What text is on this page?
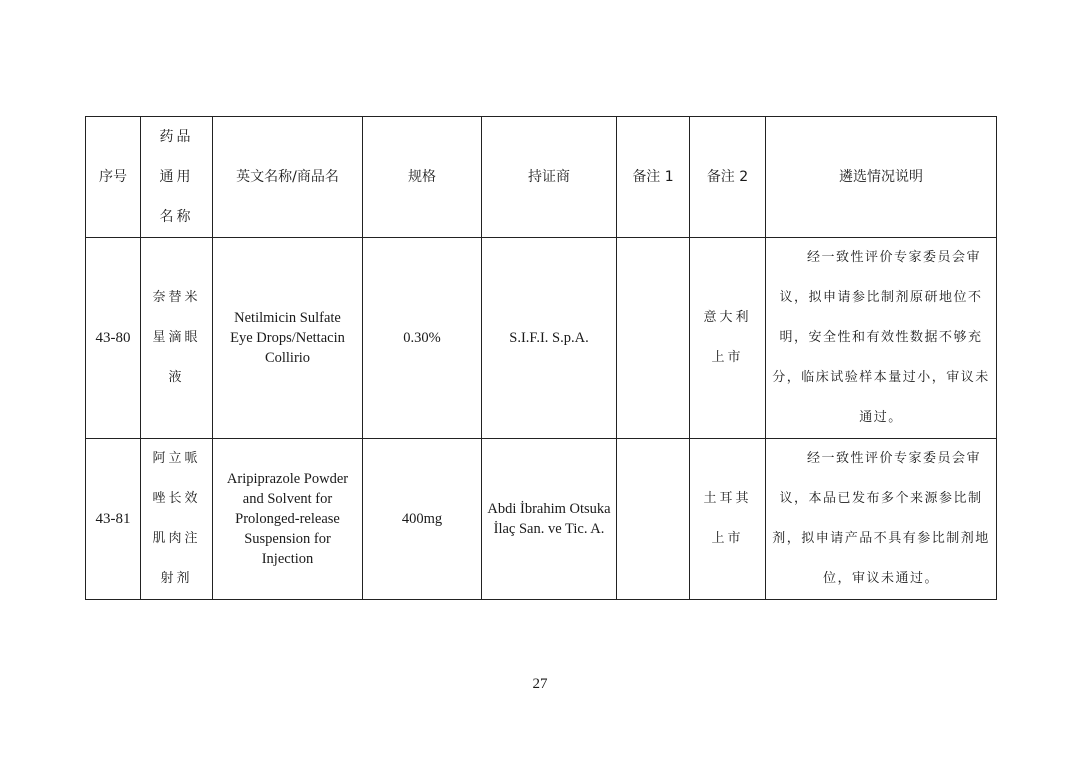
序号	药品通用名称	英文名称/商品名	规格	持证商	备注 1	备注 2	遴选情况说明
43-80	奈替米星滴眼液	Netilmicin Sulfate Eye Drops/Nettacin Collirio	0.30%	S.I.F.I. S.p.A.		意大利上市	经一致性评价专家委员会审议，拟申请参比制剂原研地位不明，安全性和有效性数据不够充分，临床试验样本量过小，审议未通过。

43-81	阿立哌唑长效肌肉注射剂	Aripiprazole Powder and Solvent for Prolonged-release Suspension for Injection	400mg	Abdi İbrahim Otsuka İlaç San. ve Tic. A.		土耳其上市	经一致性评价专家委员会审议，本品已发布多个来源参比制剂，拟申请产品不具有参比制剂地位，审议未通过。
27
